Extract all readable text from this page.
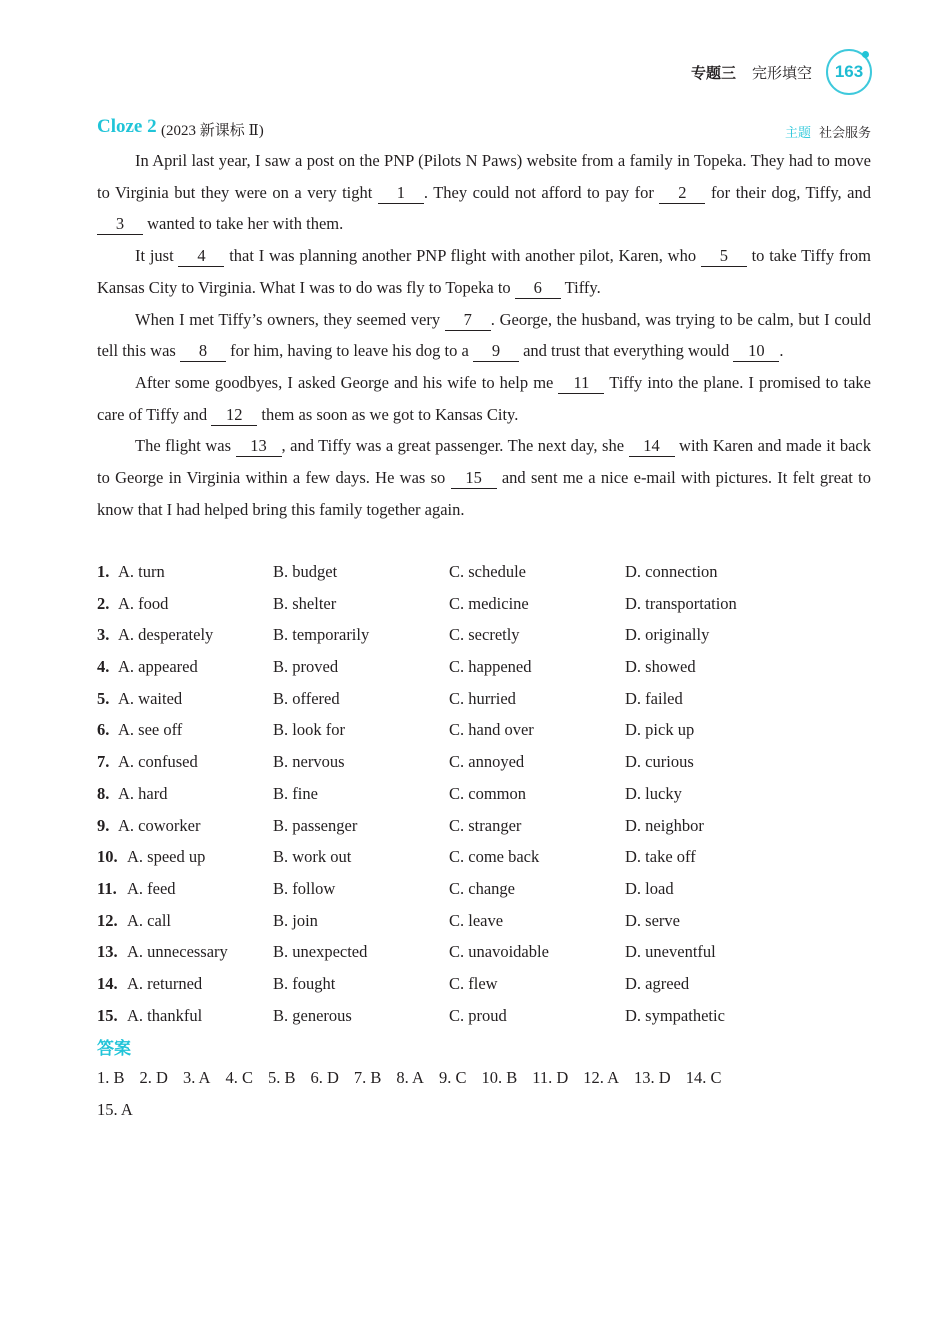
专题三 完形填空 163
Cloze 2 (2023 新课标 Ⅱ)	主题 社会服务

In April last year, I saw a post on the PNP (Pilots N Paws) website from a family in Topeka. They had to move to Virginia but they were on a very tight 1 . They could not afford to pay for 2 for their dog, Tiffy, and 3 wanted to take her with them.

It just 4 that I was planning another PNP flight with another pilot, Karen, who 5 to take Tiffy from Kansas City to Virginia. What I was to do was fly to Topeka to 6 Tiffy.

When I met Tiffy’s owners, they seemed very 7 . George, the husband, was trying to be calm, but I could tell this was 8 for him, having to leave his dog to a 9 and trust that everything would 10 .

After some goodbyes, I asked George and his wife to help me 11 Tiffy into the plane. I promised to take care of Tiffy and 12 them as soon as we got to Kansas City.

The flight was 13 , and Tiffy was a great passenger. The next day, she 14 with Karen and made it back to George in Virginia within a few days. He was so 15 and sent me a nice e-mail with pictures. It felt great to know that I had helped bring this family together again.

1. A. turn	B. budget	C. schedule	D. connection
2. A. food	B. shelter	C. medicine	D. transportation
3. A. desperately	B. temporarily	C. secretly	D. originally
4. A. appeared	B. proved	C. happened	D. showed
5. A. waited	B. offered	C. hurried	D. failed
6. A. see off	B. look for	C. hand over	D. pick up
7. A. confused	B. nervous	C. annoyed	D. curious
8. A. hard	B. fine	C. common	D. lucky
9. A. coworker	B. passenger	C. stranger	D. neighbor
10. A. speed up	B. work out	C. come back	D. take off
11. A. feed	B. follow	C. change	D. load
12. A. call	B. join	C. leave	D. serve
13. A. unnecessary	B. unexpected	C. unavoidable	D. uneventful
14. A. returned	B. fought	C. flew	D. agreed
15. A. thankful	B. generous	C. proud	D. sympathetic
答案
1. B 2. D 3. A 4. C 5. B 6. D 7. B 8. A 9. C 10. B 11. D 12. A 13. D 14. C
15. A
